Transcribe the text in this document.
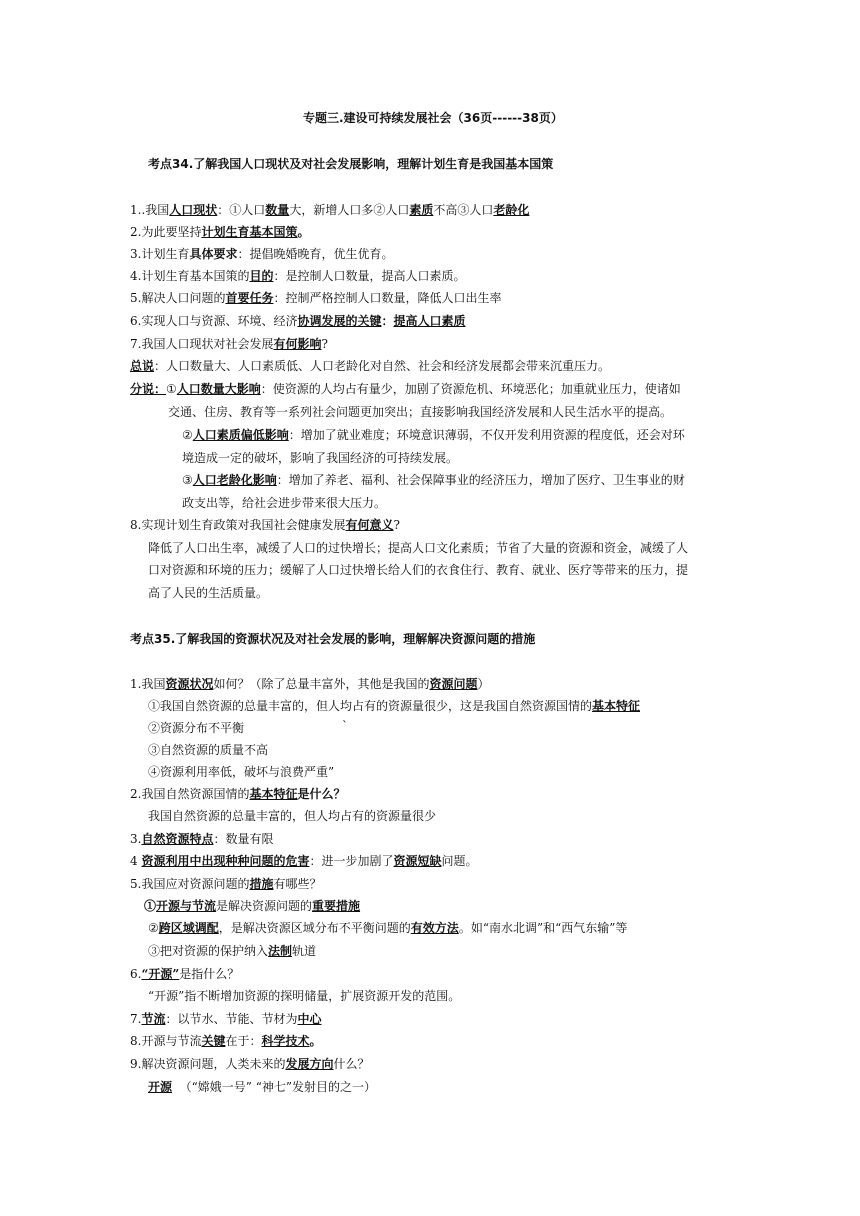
专题三.建设可持续发展社会（36页------38页）
考点34.了解我国人口现状及对社会发展影响，理解计划生育是我国基本国策
1..我国人口现状：①人口数量大，新增人口多②人口素质不高③人口老龄化
2.为此要坚持计划生育基本国策。
3.计划生育具体要求：提倡晚婚晚育，优生优育。
4.计划生育基本国策的目的：是控制人口数量，提高人口素质。
5.解决人口问题的首要任务：控制严格控制人口数量，降低人口出生率
6.实现人口与资源、环境、经济协调发展的关键：提高人口素质
7.我国人口现状对社会发展有何影响?
总说：人口数量大、人口素质低、人口老龄化对自然、社会和经济发展都会带来沉重压力。
分说：①人口数量大影响：使资源的人均占有量少，加剧了资源危机、环境恶化；加重就业压力，使诸如
交通、住房、教育等一系列社会问题更加突出；直接影响我国经济发展和人民生活水平的提高。
②人口素质偏低影响：增加了就业难度；环境意识薄弱，不仅开发利用资源的程度低，还会对环
境造成一定的破坏，影响了我国经济的可持续发展。
③人口老龄化影响：增加了养老、福利、社会保障事业的经济压力，增加了医疗、卫生事业的财
政支出等，给社会进步带来很大压力。
8.实现计划生育政策对我国社会健康发展有何意义?
降低了人口出生率，减缓了人口的过快增长；提高人口文化素质；节省了大量的资源和资金，减缓了人
口对资源和环境的压力；缓解了人口过快增长给人们的衣食住行、教育、就业、医疗等带来的压力，提
高了人民的生活质量。
考点35.了解我国的资源状况及对社会发展的影响，理解解决资源问题的措施
1.我国资源状况如何？（除了总量丰富外，其他是我国的资源问题）
①我国自然资源的总量丰富的，但人均占有的资源量很少，这是我国自然资源国情的基本特征
②资源分布不平衡	`
③自然资源的质量不高
④资源利用率低，破坏与浪费严重”
2.我国自然资源国情的基本特征是什么？
我国自然资源的总量丰富的，但人均占有的资源量很少
3.自然资源特点：数量有限
4 资源利用中出现种种问题的危害：进一步加剧了资源短缺问题。
5.我国应对资源问题的措施有哪些？
①开源与节流是解决资源问题的重要措施
②跨区域调配，是解决资源区域分布不平衡问题的有效方法。如“南水北调”和“西气东输”等
③把对资源的保护纳入法制轨道
6.“开源”是指什么？
“开源”指不断增加资源的探明储量，扩展资源开发的范围。
7.节流：以节水、节能、节材为中心
8.开源与节流关键在于：科学技术。
9.解决资源问题，人类未来的发展方向什么？
开源 （“嫦娥一号” “神七”发射目的之一）
